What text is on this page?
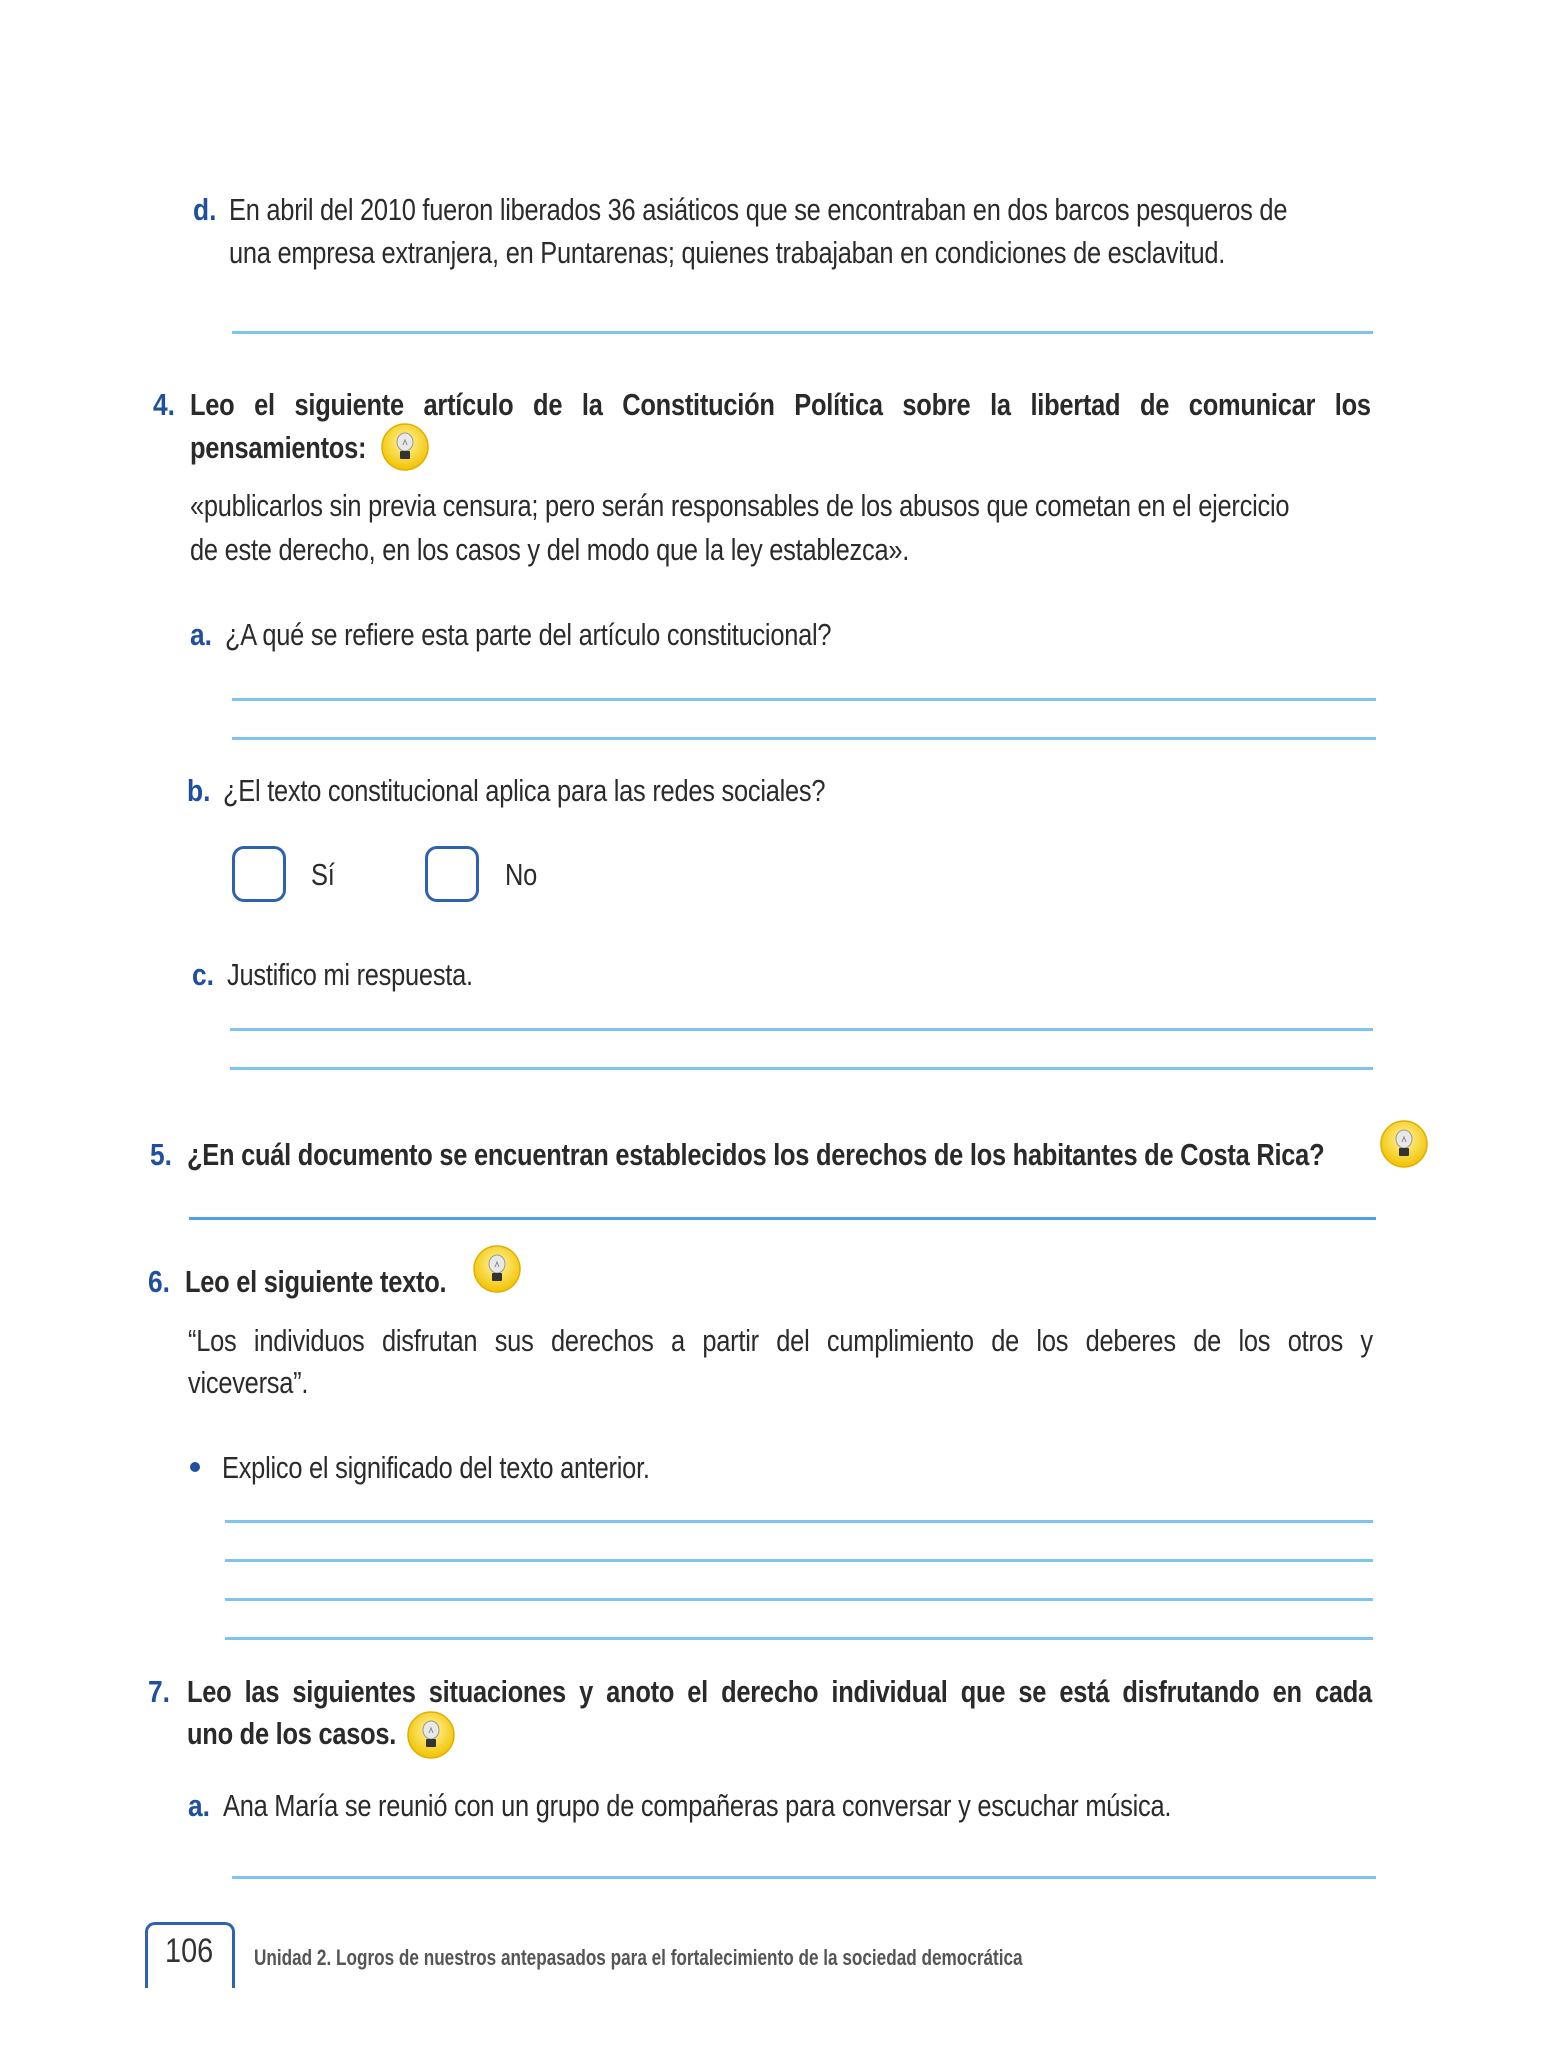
d. En abril del 2010 fueron liberados 36 asiáticos que se encontraban en dos barcos pesqueros de
una empresa extranjera, en Puntarenas; quienes trabajaban en condiciones de esclavitud.
4. Leo el siguiente artículo de la Constitución Política sobre la libertad de comunicar los
pensamientos:
«publicarlos sin previa censura; pero serán responsables de los abusos que cometan en el ejercicio
de este derecho, en los casos y del modo que la ley establezca».
a. ¿A qué se refiere esta parte del artículo constitucional?
b. ¿El texto constitucional aplica para las redes sociales?
Sí	No
c. Justifico mi respuesta.
5. ¿En cuál documento se encuentran establecidos los derechos de los habitantes de Costa Rica?
6. Leo el siguiente texto.
“Los individuos disfrutan sus derechos a partir del cumplimiento de los deberes de los otros y
viceversa”.
Explico el significado del texto anterior.
7. Leo las siguientes situaciones y anoto el derecho individual que se está disfrutando en cada
uno de los casos.
a. Ana María se reunió con un grupo de compañeras para conversar y escuchar música.
106 Unidad 2. Logros de nuestros antepasados para el fortalecimiento de la sociedad democrática
